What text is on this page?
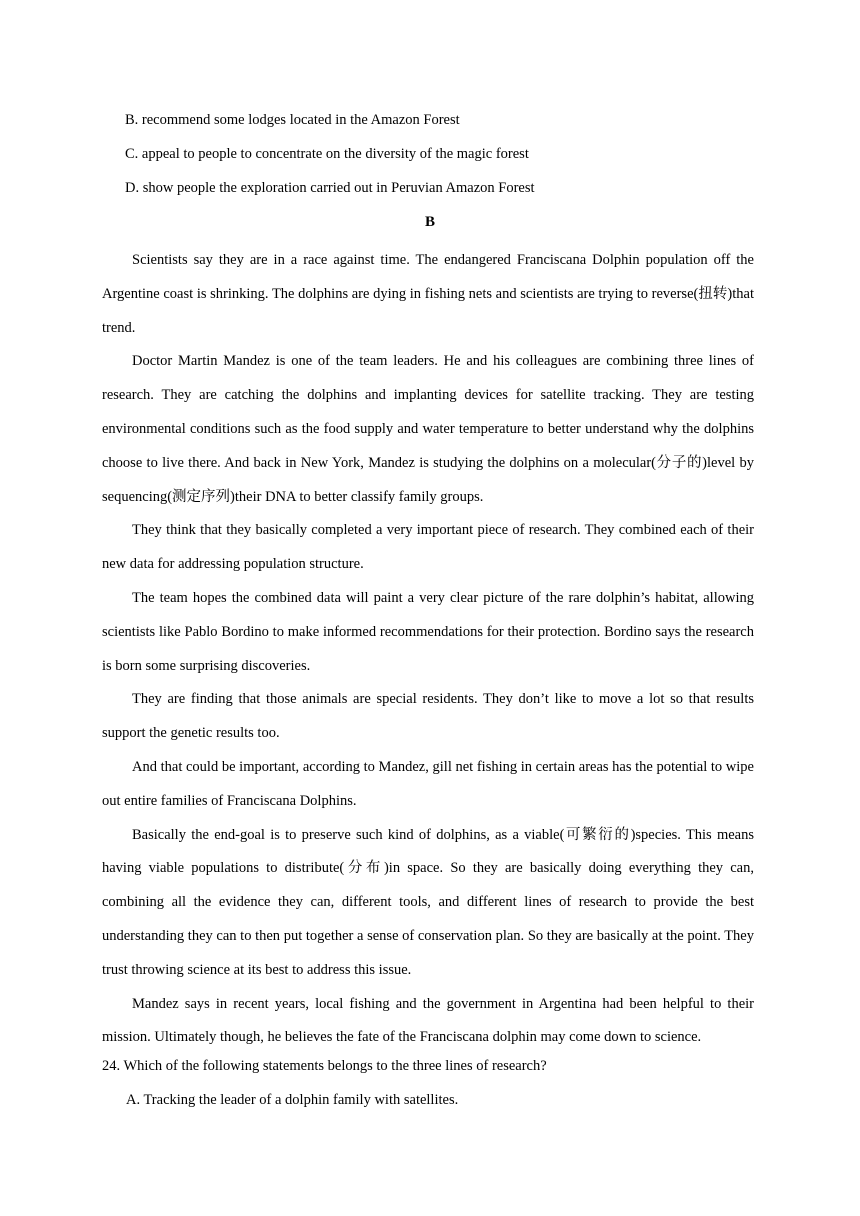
B. recommend some lodges located in the Amazon Forest
C. appeal to people to concentrate on the diversity of the magic forest
D. show people the exploration carried out in Peruvian Amazon Forest
B

Scientists say they are in a race against time. The endangered Franciscana Dolphin population off the Argentine coast is shrinking. The dolphins are dying in fishing nets and scientists are trying to reverse(扭转)that trend.

Doctor Martin Mandez is one of the team leaders. He and his colleagues are combining three lines of research. They are catching the dolphins and implanting devices for satellite tracking. They are testing environmental conditions such as the food supply and water temperature to better understand why the dolphins choose to live there. And back in New York, Mandez is studying the dolphins on a molecular(分子的)level by sequencing(测定序列)their DNA to better classify family groups.

They think that they basically completed a very important piece of research. They combined each of their new data for addressing population structure.

The team hopes the combined data will paint a very clear picture of the rare dolphin’s habitat, allowing scientists like Pablo Bordino to make informed recommendations for their protection. Bordino says the research is born some surprising discoveries.

They are finding that those animals are special residents. They don’t like to move a lot so that results support the genetic results too.

And that could be important, according to Mandez, gill net fishing in certain areas has the potential to wipe out entire families of Franciscana Dolphins.

Basically the end-goal is to preserve such kind of dolphins, as a viable(可繁衍的)species. This means having viable populations to distribute(分布)in space. So they are basically doing everything they can, combining all the evidence they can, different tools, and different lines of research to provide the best understanding they can to then put together a sense of conservation plan. So they are basically at the point. They trust throwing science at its best to address this issue.

Mandez says in recent years, local fishing and the government in Argentina had been helpful to their mission. Ultimately though, he believes the fate of the Franciscana dolphin may come down to science.

24. Which of the following statements belongs to the three lines of research?
A. Tracking the leader of a dolphin family with satellites.
